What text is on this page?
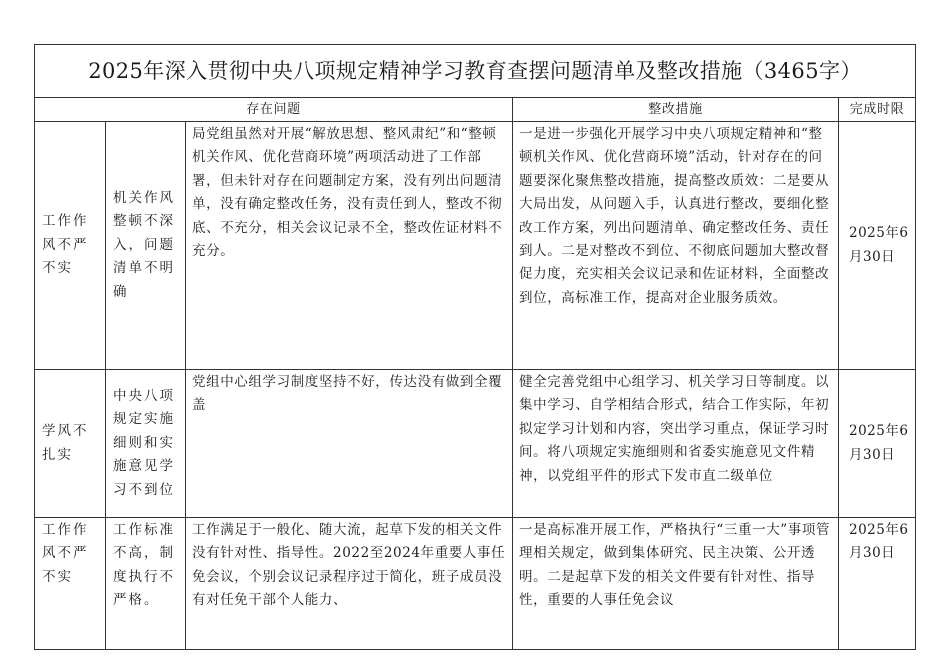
2025年深入贯彻中央八项规定精神学习教育查摆问题清单及整改措施（3465字）				
存在问题			整改措施	完成时限
工作作风不严不实	机关作风整顿不深入，问题清单不明确	局党组虽然对开展“解放思想、整风肃纪”和“整顿机关作风、优化营商环境”两项活动进了工作部署，但未针对存在问题制定方案，没有列出问题清单，没有确定整改任务，没有责任到人，整改不彻底、不充分，相关会议记录不全，整改佐证材料不充分。	一是进一步强化开展学习中央八项规定精神和“整顿机关作风、优化营商环境”活动，针对存在的问题要深化聚焦整改措施，提高整改质效：二是要从大局出发，从问题入手，认真进行整改，要细化整改工作方案，列出问题清单、确定整改任务、责任到人。二是对整改不到位、不彻底问题加大整改督促力度，充实相关会议记录和佐证材料，全面整改到位，高标准工作，提高对企业服务质效。	2025年6月30日
学风不扎实	中央八项规定实施细则和实施意见学习不到位	党组中心组学习制度坚持不好，传达没有做到全覆盖	健全完善党组中心组学习、机关学习日等制度。以集中学习、自学相结合形式，结合工作实际，年初拟定学习计划和内容，突出学习重点，保证学习时间。将八项规定实施细则和省委实施意见文件精神，以党组平件的形式下发市直二级单位	2025年6月30日
工作作风不严不实	工作标准不高，制度执行不严格。	工作满足于一般化、随大流，起草下发的相关文件没有针对性、指导性。2022至2024年重要人事任免会议，个别会议记录程序过于简化，班子成员没有对任免干部个人能力、	一是高标准开展工作，严格执行“三重一大”事项管理相关规定，做到集体研究、民主决策、公开透明。二是起草下发的相关文件要有针对性、指导性，重要的人事任免会议	2025年6月30日
